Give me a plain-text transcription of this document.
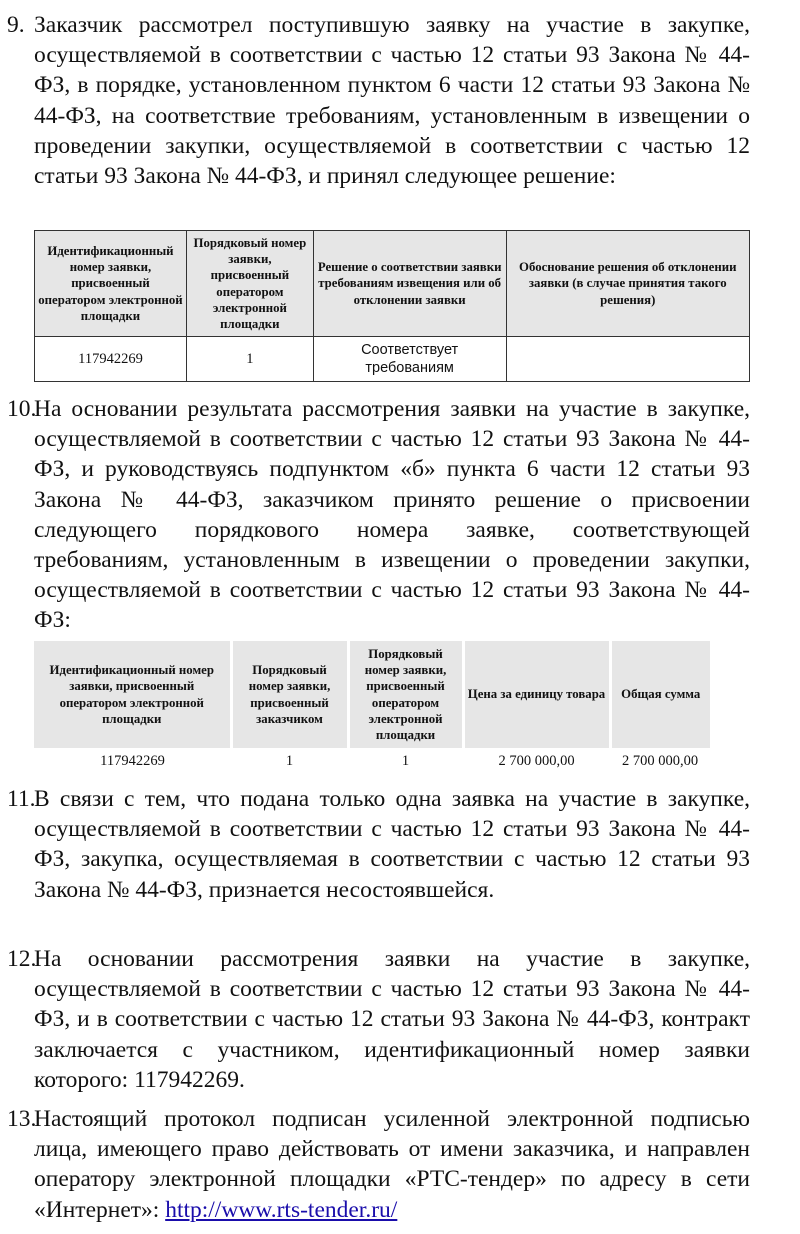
9. Заказчик рассмотрел поступившую заявку на участие в закупке, осуществляемой в соответствии с частью 12 статьи 93 Закона № 44-ФЗ, в порядке, установленном пунктом 6 части 12 статьи 93 Закона № 44-ФЗ, на соответствие требованиям, установленным в извещении о проведении закупки, осуществляемой в соответствии с частью 12 статьи 93 Закона № 44-ФЗ, и принял следующее решение:
Идентификационный номер заявки, присвоенный оператором электронной площадки	Порядковый номер заявки, присвоенный оператором электронной площадки	Решение о соответствии заявки требованиям извещения или об отклонении заявки	Обоснование решения об отклонении заявки (в случае принятия такого решения)
117942269	1	Соответствует требованиям	
10.
На основании результата рассмотрения заявки на участие в закупке, осуществляемой в соответствии с частью 12 статьи 93 Закона № 44-ФЗ, и руководствуясь подпунктом «б» пункта 6 части 12 статьи 93 Закона № 44-ФЗ, заказчиком принято решение о присвоении следующего порядкового номера заявке, соответствующей требованиям, установленным в извещении о проведении закупки, осуществляемой в соответствии с частью 12 статьи 93 Закона № 44-ФЗ:
Идентификационный номер заявки, присвоенный оператором электронной площадки	Порядковый номер заявки, присвоенный заказчиком	Порядковый номер заявки, присвоенный оператором электронной площадки	Цена за единицу товара	Общая сумма
117942269	1	1	2 700 000,00	2 700 000,00
11.
В связи с тем, что подана только одна заявка на участие в закупке, осуществляемой в соответствии с частью 12 статьи 93 Закона № 44-ФЗ, закупка, осуществляемая в соответствии с частью 12 статьи 93 Закона № 44-ФЗ, признается несостоявшейся.
12.
На основании рассмотрения заявки на участие в закупке, осуществляемой в соответствии с частью 12 статьи 93 Закона № 44-ФЗ, и в соответствии с частью 12 статьи 93 Закона № 44-ФЗ, контракт заключается с участником, идентификационный номер заявки которого: 117942269.
13.
Настоящий протокол подписан усиленной электронной подписью лица, имеющего право действовать от имени заказчика, и направлен оператору электронной площадки «РТС-тендер» по адресу в сети «Интернет»: http://www.rts-tender.ru/
